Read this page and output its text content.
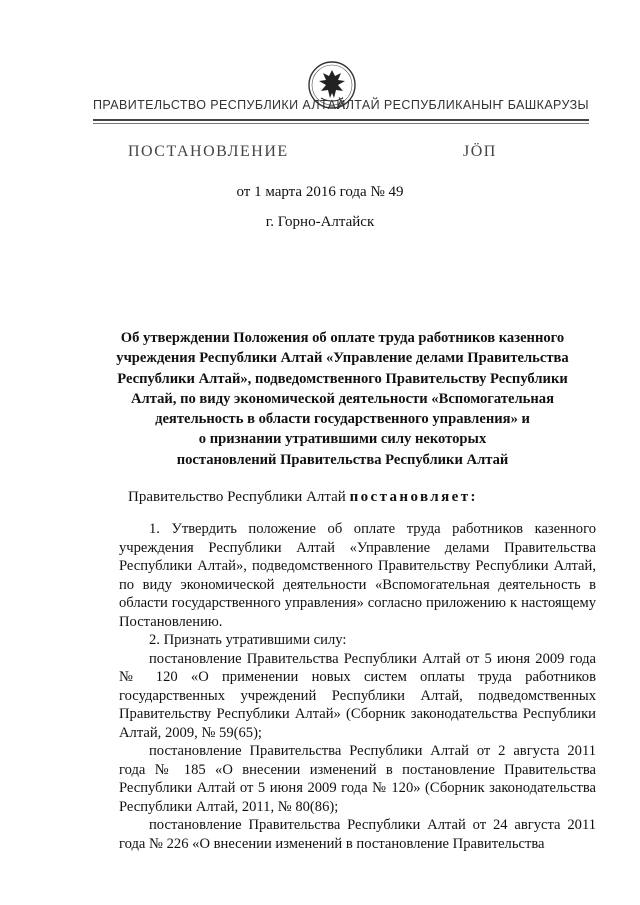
ПРАВИТЕЛЬСТВО РЕСПУБЛИКИ АЛТАЙ
АЛТАЙ РЕСПУБЛИКАНЫҤ БАШКАРУЗЫ
ПОСТАНОВЛЕНИЕ	ЈӦП
от 1 марта 2016 года № 49
г. Горно-Алтайск
Об утверждении Положения об оплате труда работников казенного
учреждения Республики Алтай «Управление делами Правительства
Республики Алтай», подведомственного Правительству Республики
Алтай, по виду экономической деятельности «Вспомогательная
деятельность в области государственного управления» и
о признании утратившими силу некоторых
постановлений Правительства Республики Алтай
Правительство Республики Алтай постановляет:

1. Утвердить положение об оплате труда работников казенного учреждения Республики Алтай «Управление делами Правительства Республики Алтай», подведомственного Правительству Республики Алтай, по виду экономической деятельности «Вспомогательная деятельность в области государственного управления» согласно приложению к настоящему Постановлению.

2. Признать утратившими силу:

постановление Правительства Республики Алтай от 5 июня 2009 года № 120 «О применении новых систем оплаты труда работников государственных учреждений Республики Алтай, подведомственных Правительству Республики Алтай» (Сборник законодательства Республики Алтай, 2009, № 59(65);

постановление Правительства Республики Алтай от 2 августа 2011 года № 185 «О внесении изменений в постановление Правительства Республики Алтай от 5 июня 2009 года № 120» (Сборник законодательства Республики Алтай, 2011, № 80(86);

постановление Правительства Республики Алтай от 24 августа 2011 года № 226 «О внесении изменений в постановление Правительства
